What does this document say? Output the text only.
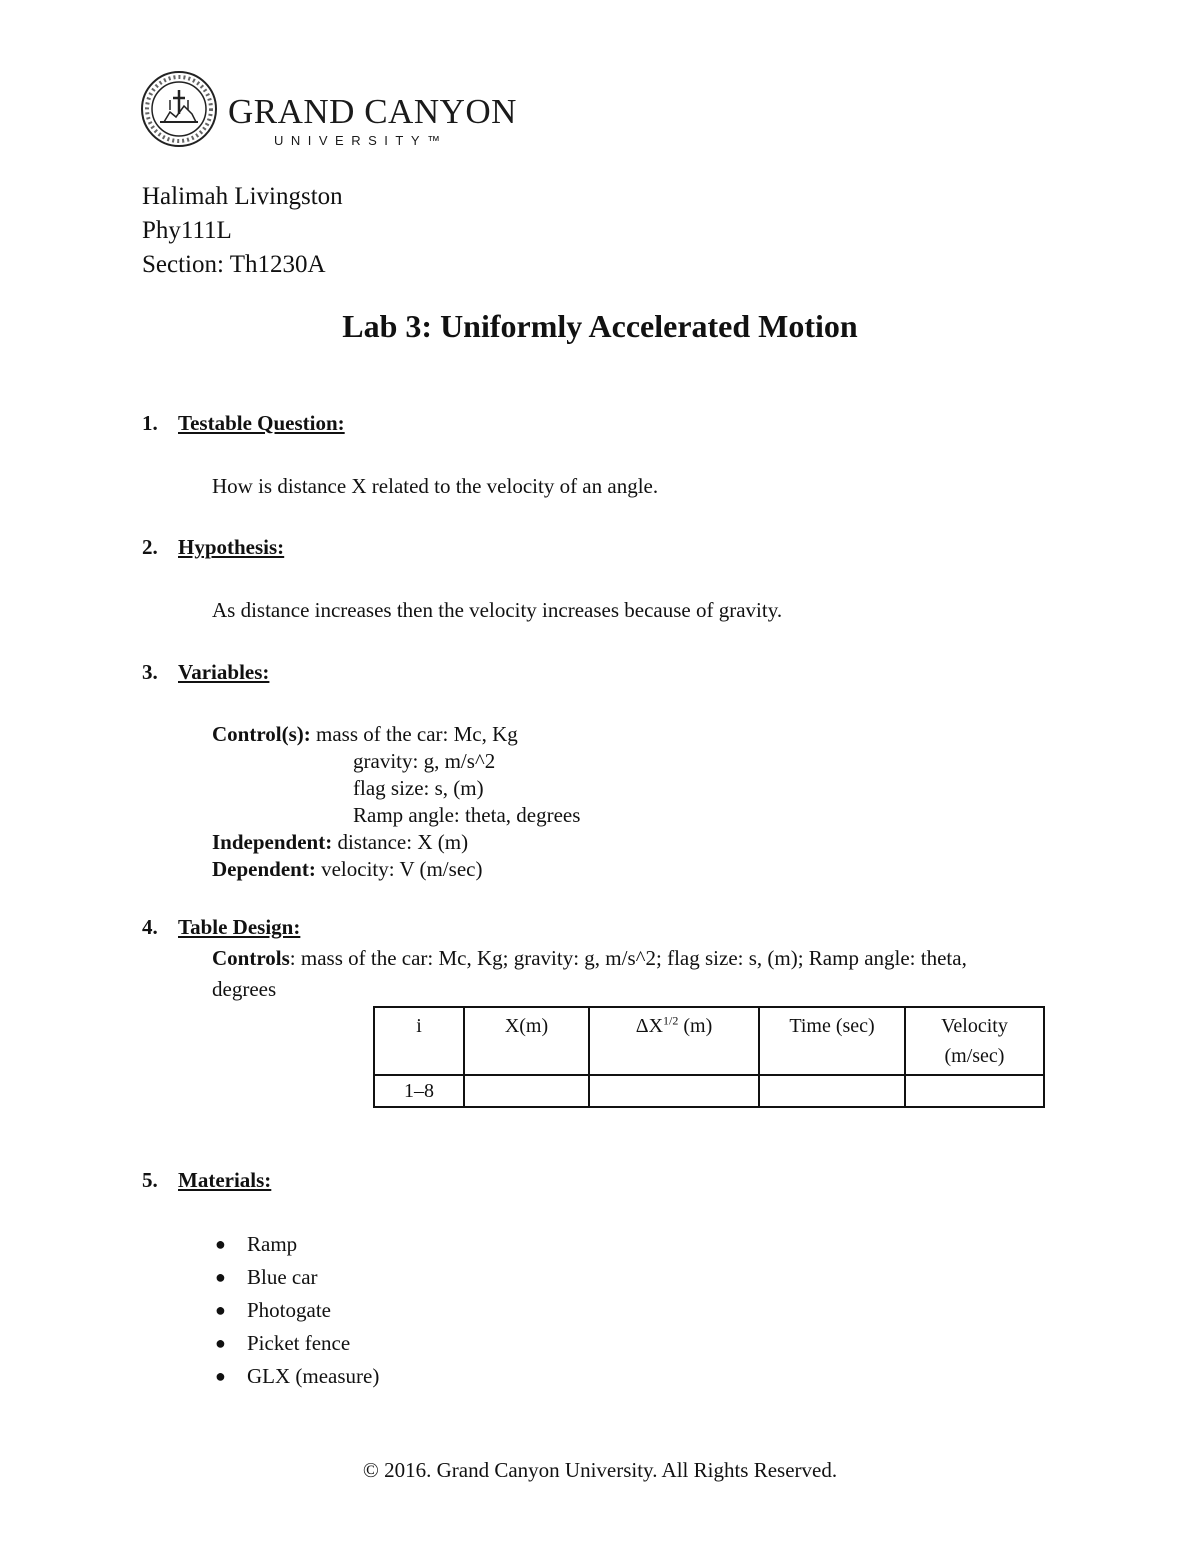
GRAND CANYON
UNIVERSITY™
Halimah Livingston
Phy111L
Section: Th1230A
Lab 3: Uniformly Accelerated Motion
1. Testable Question:
How is distance X related to the velocity of an angle.
2. Hypothesis:
As distance increases then the velocity increases because of gravity.
3. Variables:
Control(s): mass of the car: Mc, Kg
gravity: g, m/s^2
flag size: s, (m)
Ramp angle: theta, degrees
Independent: distance: X (m)
Dependent: velocity: V (m/sec)
4. Table Design:
Controls: mass of the car: Mc, Kg; gravity: g, m/s^2; flag size: s, (m); Ramp angle: theta,
degrees
i	X(m)	$\Delta X^{1/2}$ (m)	Time (sec)	Velocity
(m/sec)

1–8				
5. Materials:
● Ramp
● Blue car
● Photogate
● Picket fence
● GLX (measure)
© 2016. Grand Canyon University. All Rights Reserved.
